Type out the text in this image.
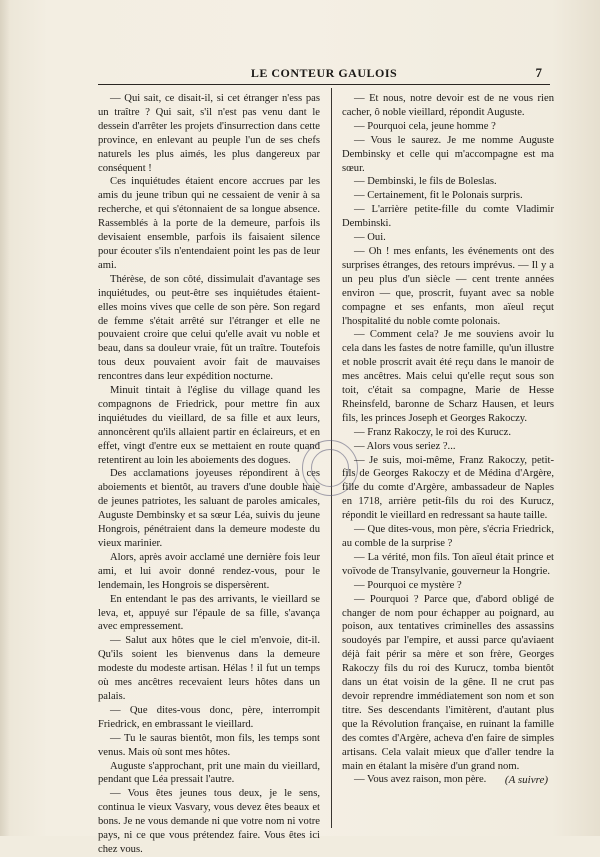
LE CONTEUR GAULOIS	7

— Qui sait, ce disait-il, si cet étranger n'ess pas un traître ? Qui sait, s'il n'est pas venu dant le dessein d'arrêter les projets d'insurrection dans cette province, en enlevant au peuple l'un de ses chefs naturels les plus aimés, les plus dangereux par conséquent !

Ces inquiétudes étaient encore accrues par les amis du jeune tribun qui ne cessaient de venir à sa recherche, et qui s'étonnaient de sa longue absence. Rassemblés à la porte de la demeure, parfois ils devisaient ensemble, parfois ils faisaient silence pour écouter s'ils n'entendaient point les pas de leur ami.

Thérèse, de son côté, dissimulait d'avantage ses inquiétudes, ou peut-être ses inquiétudes étaient-elles moins vives que celle de son père. Son regard de femme s'était arrêté sur l'étranger et elle ne pouvaient croire que celui qu'elle avait vu noble et beau, dans sa douleur vraie, fût un traître. Toutefois tous deux pouvaient avoir fait de mauvaises rencontres dans leur expédition nocturne.

Minuit tintait à l'église du village quand les compagnons de Friedrick, pour mettre fin aux inquiétudes du vieillard, de sa fille et aux leurs, annoncèrent qu'ils allaient partir en éclaireurs, et en effet, vingt d'entre eux se mettaient en route quand retentirent au loin les aboiements des dogues.

Des acclamations joyeuses répondirent à ces aboiements et bientôt, au travers d'une double haie de jeunes patriotes, les saluant de paroles amicales, Auguste Dembinsky et sa sœur Léa, suivis du jeune Hongrois, pénétraient dans la demeure modeste du vieux marinier.

Alors, après avoir acclamé une dernière fois leur ami, et lui avoir donné rendez-vous, pour le lendemain, les Hongrois se dispersèrent.

En entendant le pas des arrivants, le vieillard se leva, et, appuyé sur l'épaule de sa fille, s'avança avec empressement.

— Salut aux hôtes que le ciel m'envoie, dit-il. Qu'ils soient les bienvenus dans la demeure modeste du modeste artisan. Hélas ! il fut un temps où mes ancêtres recevaient leurs hôtes dans un palais.

— Que dites-vous donc, père, interrompit Friedrick, en embrassant le vieillard.

— Tu le sauras bientôt, mon fils, les temps sont venus. Mais où sont mes hôtes.

Auguste s'approchant, prit une main du vieillard, pendant que Léa pressait l'autre.

— Vous êtes jeunes tous deux, je le sens, continua le vieux Vasvary, vous devez êtes beaux et bons. Je ne vous demande ni que votre nom ni votre pays, ni ce que vous prétendez faire. Vous êtes ici chez vous.

— Et nous, notre devoir est de ne vous rien cacher, ô noble vieillard, répondit Auguste.

— Pourquoi cela, jeune homme ?

— Vous le saurez. Je me nomme Auguste Dembinsky et celle qui m'accompagne est ma sœur.

— Dembinski, le fils de Boleslas.

— Certainement, fit le Polonais surpris.

— L'arrière petite-fille du comte Vladimir Dembinski.

— Oui.

— Oh ! mes enfants, les événements ont des surprises étranges, des retours imprévus. — Il y a un peu plus d'un siècle — cent trente années environ — que, proscrit, fuyant avec sa noble compagne et ses enfants, mon aïeul reçut l'hospitalité du noble comte polonais.

— Comment cela? Je me souviens avoir lu cela dans les fastes de notre famille, qu'un illustre et noble proscrit avait été reçu dans le manoir de mes ancêtres. Mais celui qu'elle reçut sous son toit, c'était sa compagne, Marie de Hesse Rheinsfeld, baronne de Scharz Hausen, et leurs fils, les princes Joseph et Georges Rakoczy.

— Franz Rakoczy, le roi des Kurucz.

— Alors vous seriez ?...

— Je suis, moi-même, Franz Rakoczy, petit-fils de Georges Rakoczy et de Médina d'Argère, fille du comte d'Argère, ambassadeur de Naples en 1718, arrière petit-fils du roi des Kurucz, répondit le vieillard en redressant sa haute taille.

— Que dites-vous, mon père, s'écria Friedrick, au comble de la surprise ?

— La vérité, mon fils. Ton aïeul était prince et voïvode de Transylvanie, gouverneur la Hongrie.

— Pourquoi ce mystère ?

— Pourquoi ? Parce que, d'abord obligé de changer de nom pour échapper au poignard, au poison, aux tentatives criminelles des assassins soudoyés par l'empire, et aussi parce qu'aviaent déjà fait périr sa mère et son frère, Georges Rakoczy fils du roi des Kurucz, tomba bientôt dans un état voisin de la gêne. Il ne crut pas devoir reprendre immédiatement son nom et son titre. Ses descendants l'imitèrent, d'autant plus que la Révolution française, en ruinant la famille des comtes d'Argère, acheva d'en faire de simples artisans. Cela valait mieux que d'aller tendre la main en étalant la misère d'un grand nom.

— Vous avez raison, mon père.	(A suivre)
